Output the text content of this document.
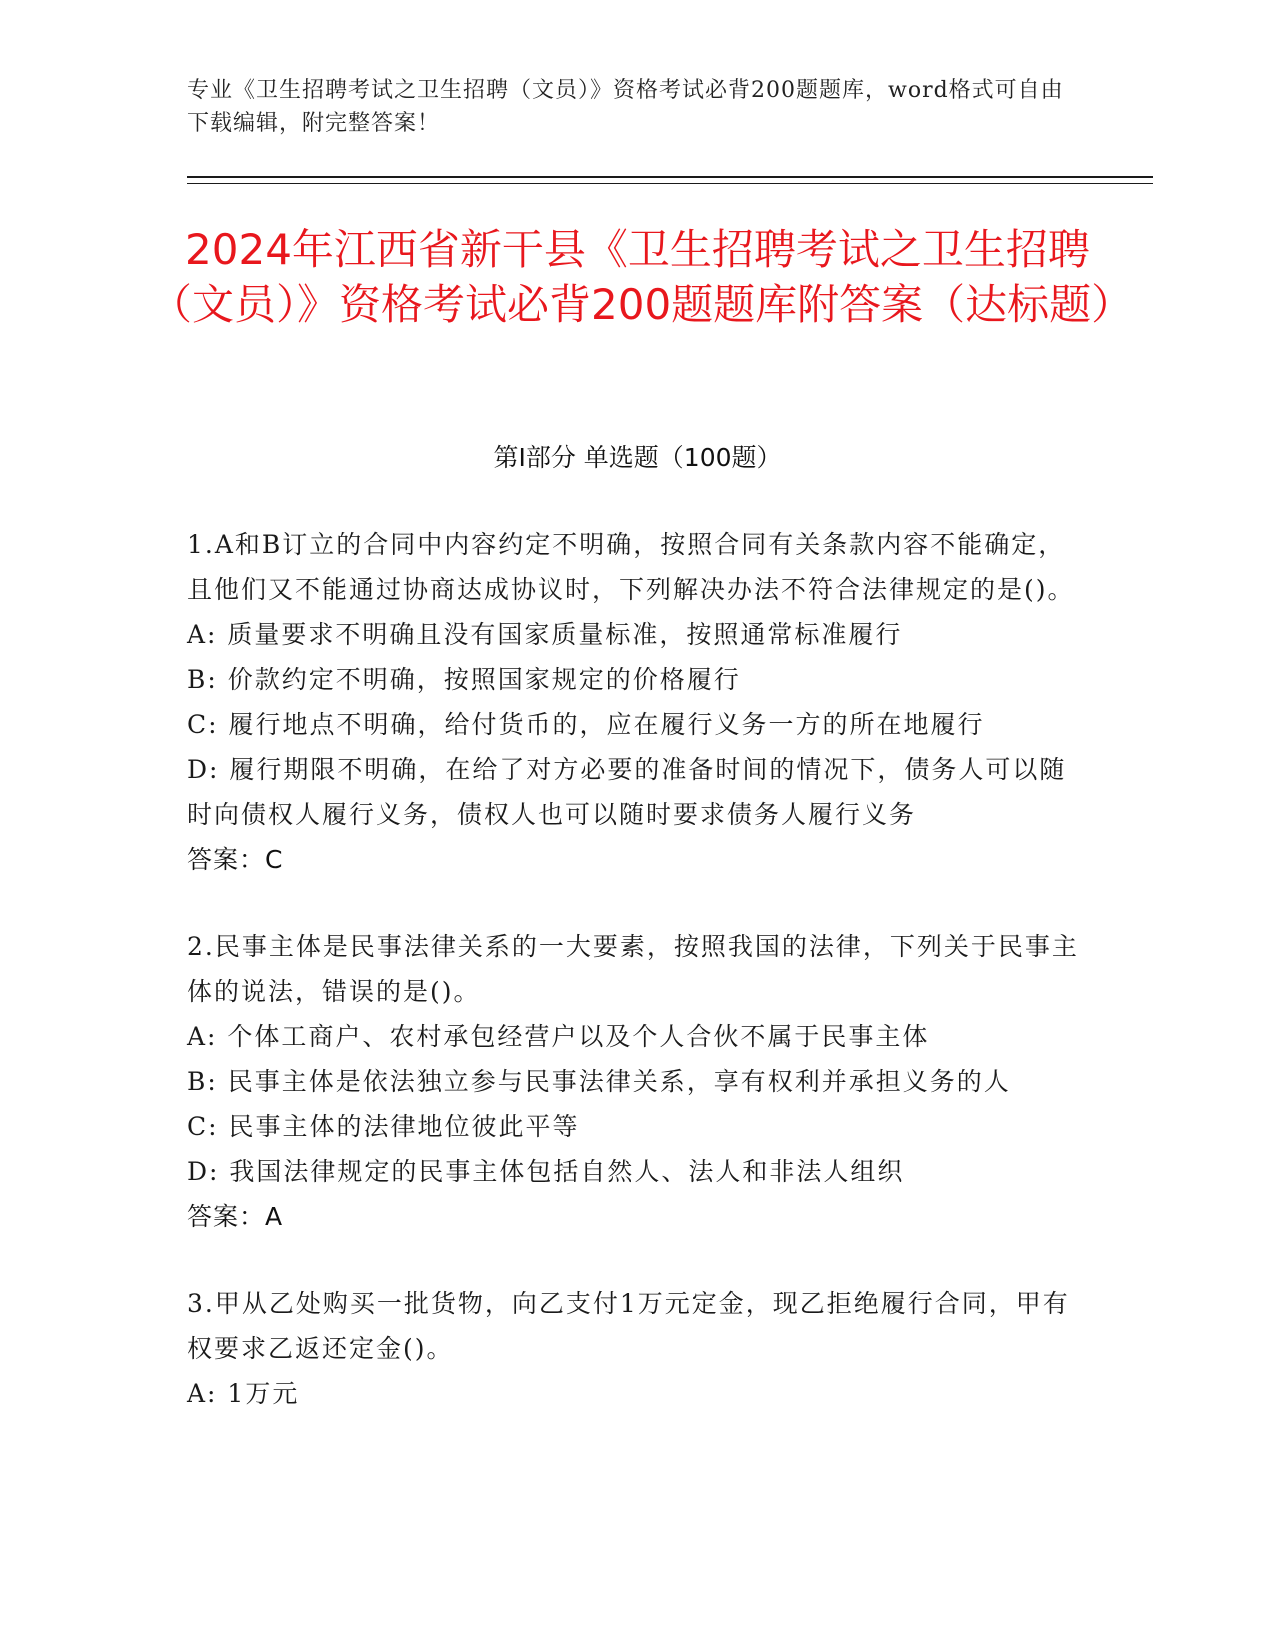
专业《卫生招聘考试之卫生招聘（文员）》资格考试必背200题题库，word格式可自由下载编辑，附完整答案！
2024年江西省新干县《卫生招聘考试之卫生招聘（文员）》资格考试必背200题题库附答案（达标题）
第I部分 单选题（100题）
1.A和B订立的合同中内容约定不明确，按照合同有关条款内容不能确定，且他们又不能通过协商达成协议时，下列解决办法不符合法律规定的是()。
A: 质量要求不明确且没有国家质量标准，按照通常标准履行
B: 价款约定不明确，按照国家规定的价格履行
C: 履行地点不明确，给付货币的，应在履行义务一方的所在地履行
D: 履行期限不明确，在给了对方必要的准备时间的情况下，债务人可以随时向债权人履行义务，债权人也可以随时要求债务人履行义务
答案：C
2.民事主体是民事法律关系的一大要素，按照我国的法律，下列关于民事主体的说法，错误的是()。
A: 个体工商户、农村承包经营户以及个人合伙不属于民事主体
B: 民事主体是依法独立参与民事法律关系，享有权利并承担义务的人
C: 民事主体的法律地位彼此平等
D: 我国法律规定的民事主体包括自然人、法人和非法人组织
答案：A
3.甲从乙处购买一批货物，向乙支付1万元定金，现乙拒绝履行合同，甲有权要求乙返还定金()。
A: 1万元
